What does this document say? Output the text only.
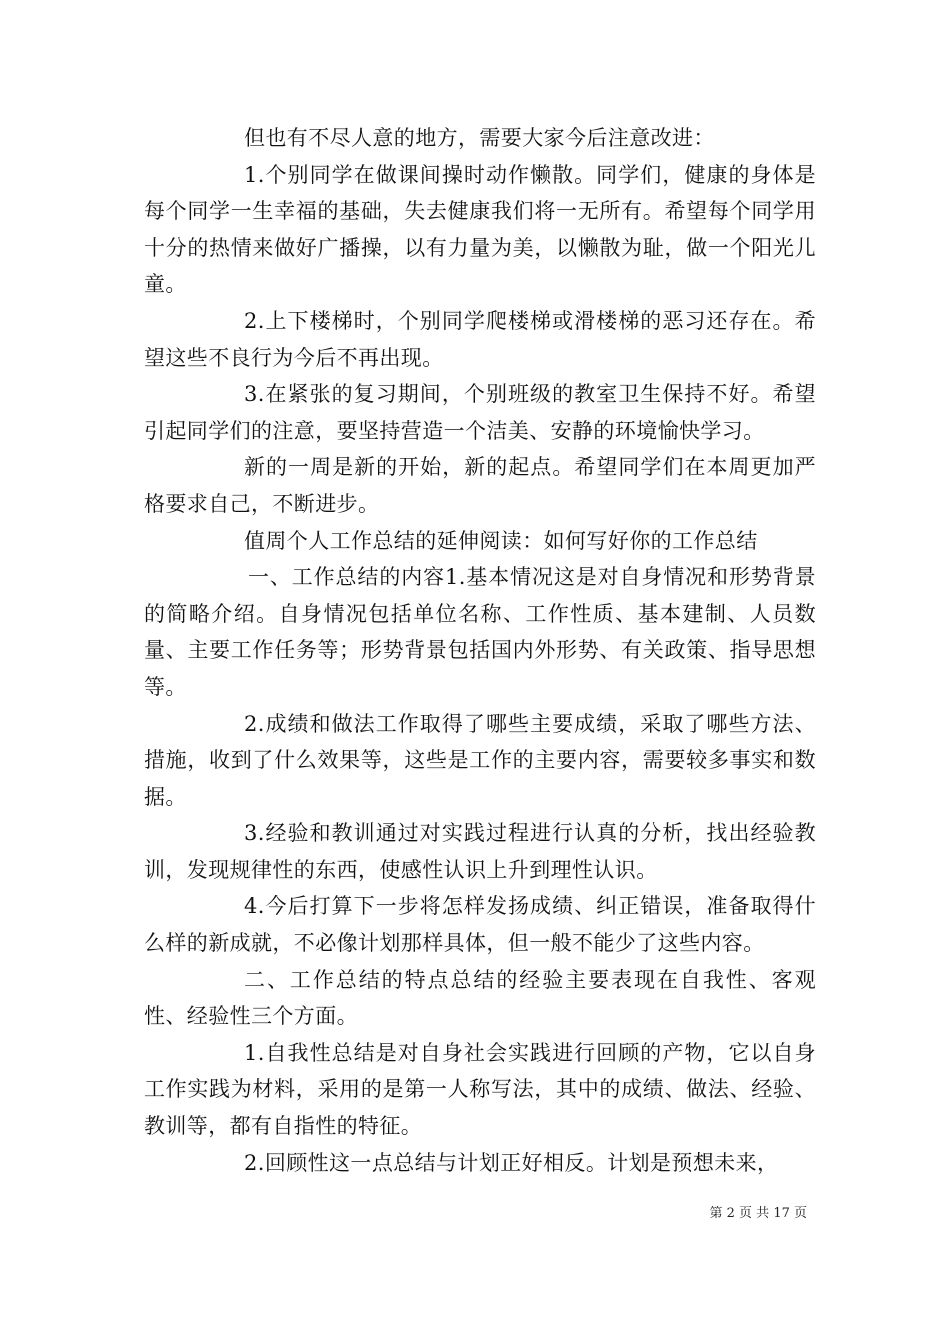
但也有不尽人意的地方，需要大家今后注意改进：

1.个别同学在做课间操时动作懒散。同学们，健康的身体是每个同学一生幸福的基础，失去健康我们将一无所有。希望每个同学用十分的热情来做好广播操，以有力量为美，以懒散为耻，做一个阳光儿童。

2.上下楼梯时，个别同学爬楼梯或滑楼梯的恶习还存在。希望这些不良行为今后不再出现。

3.在紧张的复习期间，个别班级的教室卫生保持不好。希望引起同学们的注意，要坚持营造一个洁美、安静的环境愉快学习。

新的一周是新的开始，新的起点。希望同学们在本周更加严格要求自己，不断进步。

值周个人工作总结的延伸阅读：如何写好你的工作总结

一、工作总结的内容1.基本情况这是对自身情况和形势背景的简略介绍。自身情况包括单位名称、工作性质、基本建制、人员数量、主要工作任务等；形势背景包括国内外形势、有关政策、指导思想等。

2.成绩和做法工作取得了哪些主要成绩，采取了哪些方法、措施，收到了什么效果等，这些是工作的主要内容，需要较多事实和数据。

3.经验和教训通过对实践过程进行认真的分析，找出经验教训，发现规律性的东西，使感性认识上升到理性认识。

4.今后打算下一步将怎样发扬成绩、纠正错误，准备取得什么样的新成就，不必像计划那样具体，但一般不能少了这些内容。

二、工作总结的特点总结的经验主要表现在自我性、客观性、经验性三个方面。

1.自我性总结是对自身社会实践进行回顾的产物，它以自身工作实践为材料，采用的是第一人称写法，其中的成绩、做法、经验、教训等，都有自指性的特征。

2.回顾性这一点总结与计划正好相反。计划是预想未来，

第 2 页 共 17 页
